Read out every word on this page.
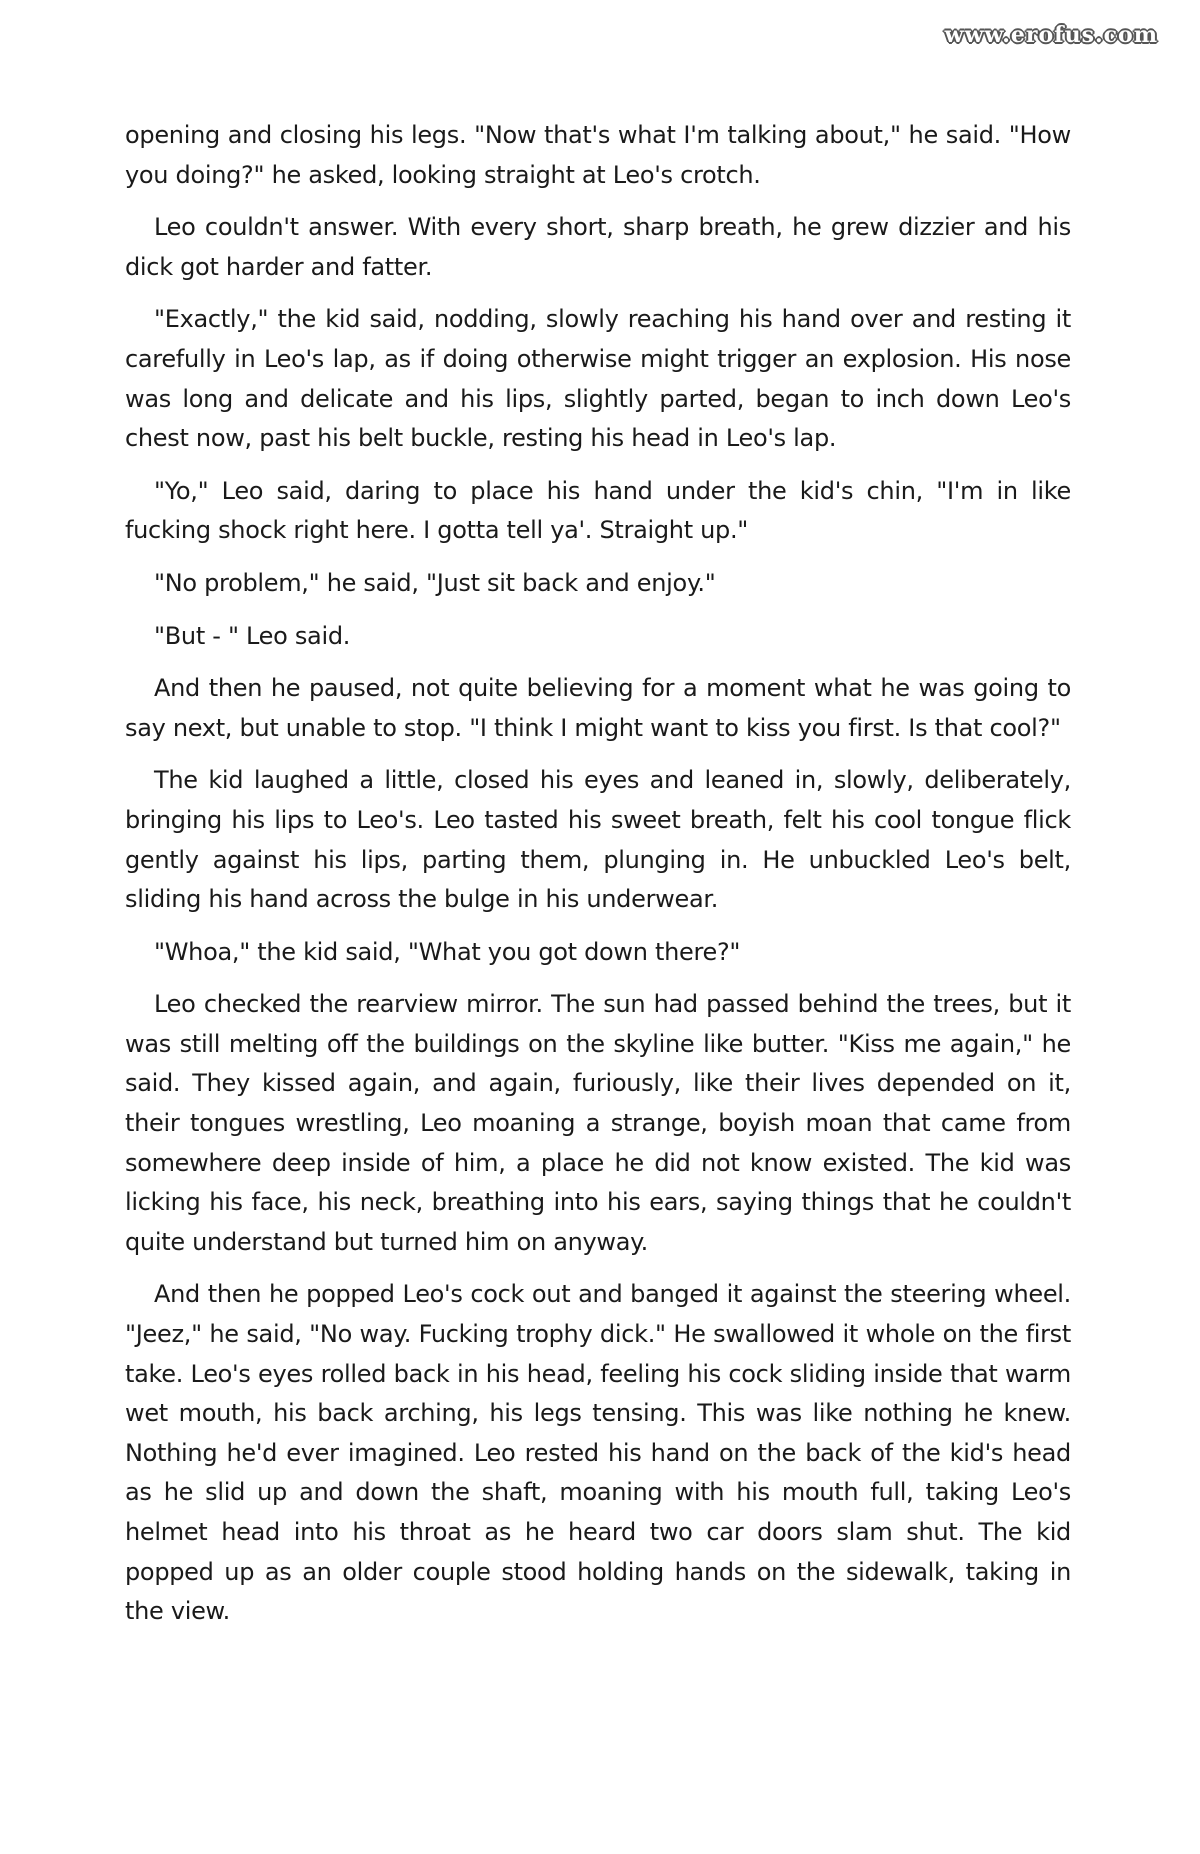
www.erofus.com

opening and closing his legs. "Now that's what I'm talking about," he said. "How you doing?" he asked, looking straight at Leo's crotch.

Leo couldn't answer. With every short, sharp breath, he grew dizzier and his dick got harder and fatter.

"Exactly," the kid said, nodding, slowly reaching his hand over and resting it carefully in Leo's lap, as if doing otherwise might trigger an explosion. His nose was long and delicate and his lips, slightly parted, began to inch down Leo's chest now, past his belt buckle, resting his head in Leo's lap.

"Yo," Leo said, daring to place his hand under the kid's chin, "I'm in like fucking shock right here. I gotta tell ya'. Straight up."

"No problem," he said, "Just sit back and enjoy."

"But - " Leo said.

And then he paused, not quite believing for a moment what he was going to say next, but unable to stop. "I think I might want to kiss you first. Is that cool?"

The kid laughed a little, closed his eyes and leaned in, slowly, deliberately, bringing his lips to Leo's. Leo tasted his sweet breath, felt his cool tongue flick gently against his lips, parting them, plunging in. He unbuckled Leo's belt, sliding his hand across the bulge in his underwear.

"Whoa," the kid said, "What you got down there?"

Leo checked the rearview mirror. The sun had passed behind the trees, but it was still melting off the buildings on the skyline like butter. "Kiss me again," he said. They kissed again, and again, furiously, like their lives depended on it, their tongues wrestling, Leo moaning a strange, boyish moan that came from somewhere deep inside of him, a place he did not know existed. The kid was licking his face, his neck, breathing into his ears, saying things that he couldn't quite understand but turned him on anyway.

And then he popped Leo's cock out and banged it against the steering wheel. "Jeez," he said, "No way. Fucking trophy dick." He swallowed it whole on the first take. Leo's eyes rolled back in his head, feeling his cock sliding inside that warm wet mouth, his back arching, his legs tensing. This was like nothing he knew. Nothing he'd ever imagined. Leo rested his hand on the back of the kid's head as he slid up and down the shaft, moaning with his mouth full, taking Leo's helmet head into his throat as he heard two car doors slam shut. The kid popped up as an older couple stood holding hands on the sidewalk, taking in the view.
